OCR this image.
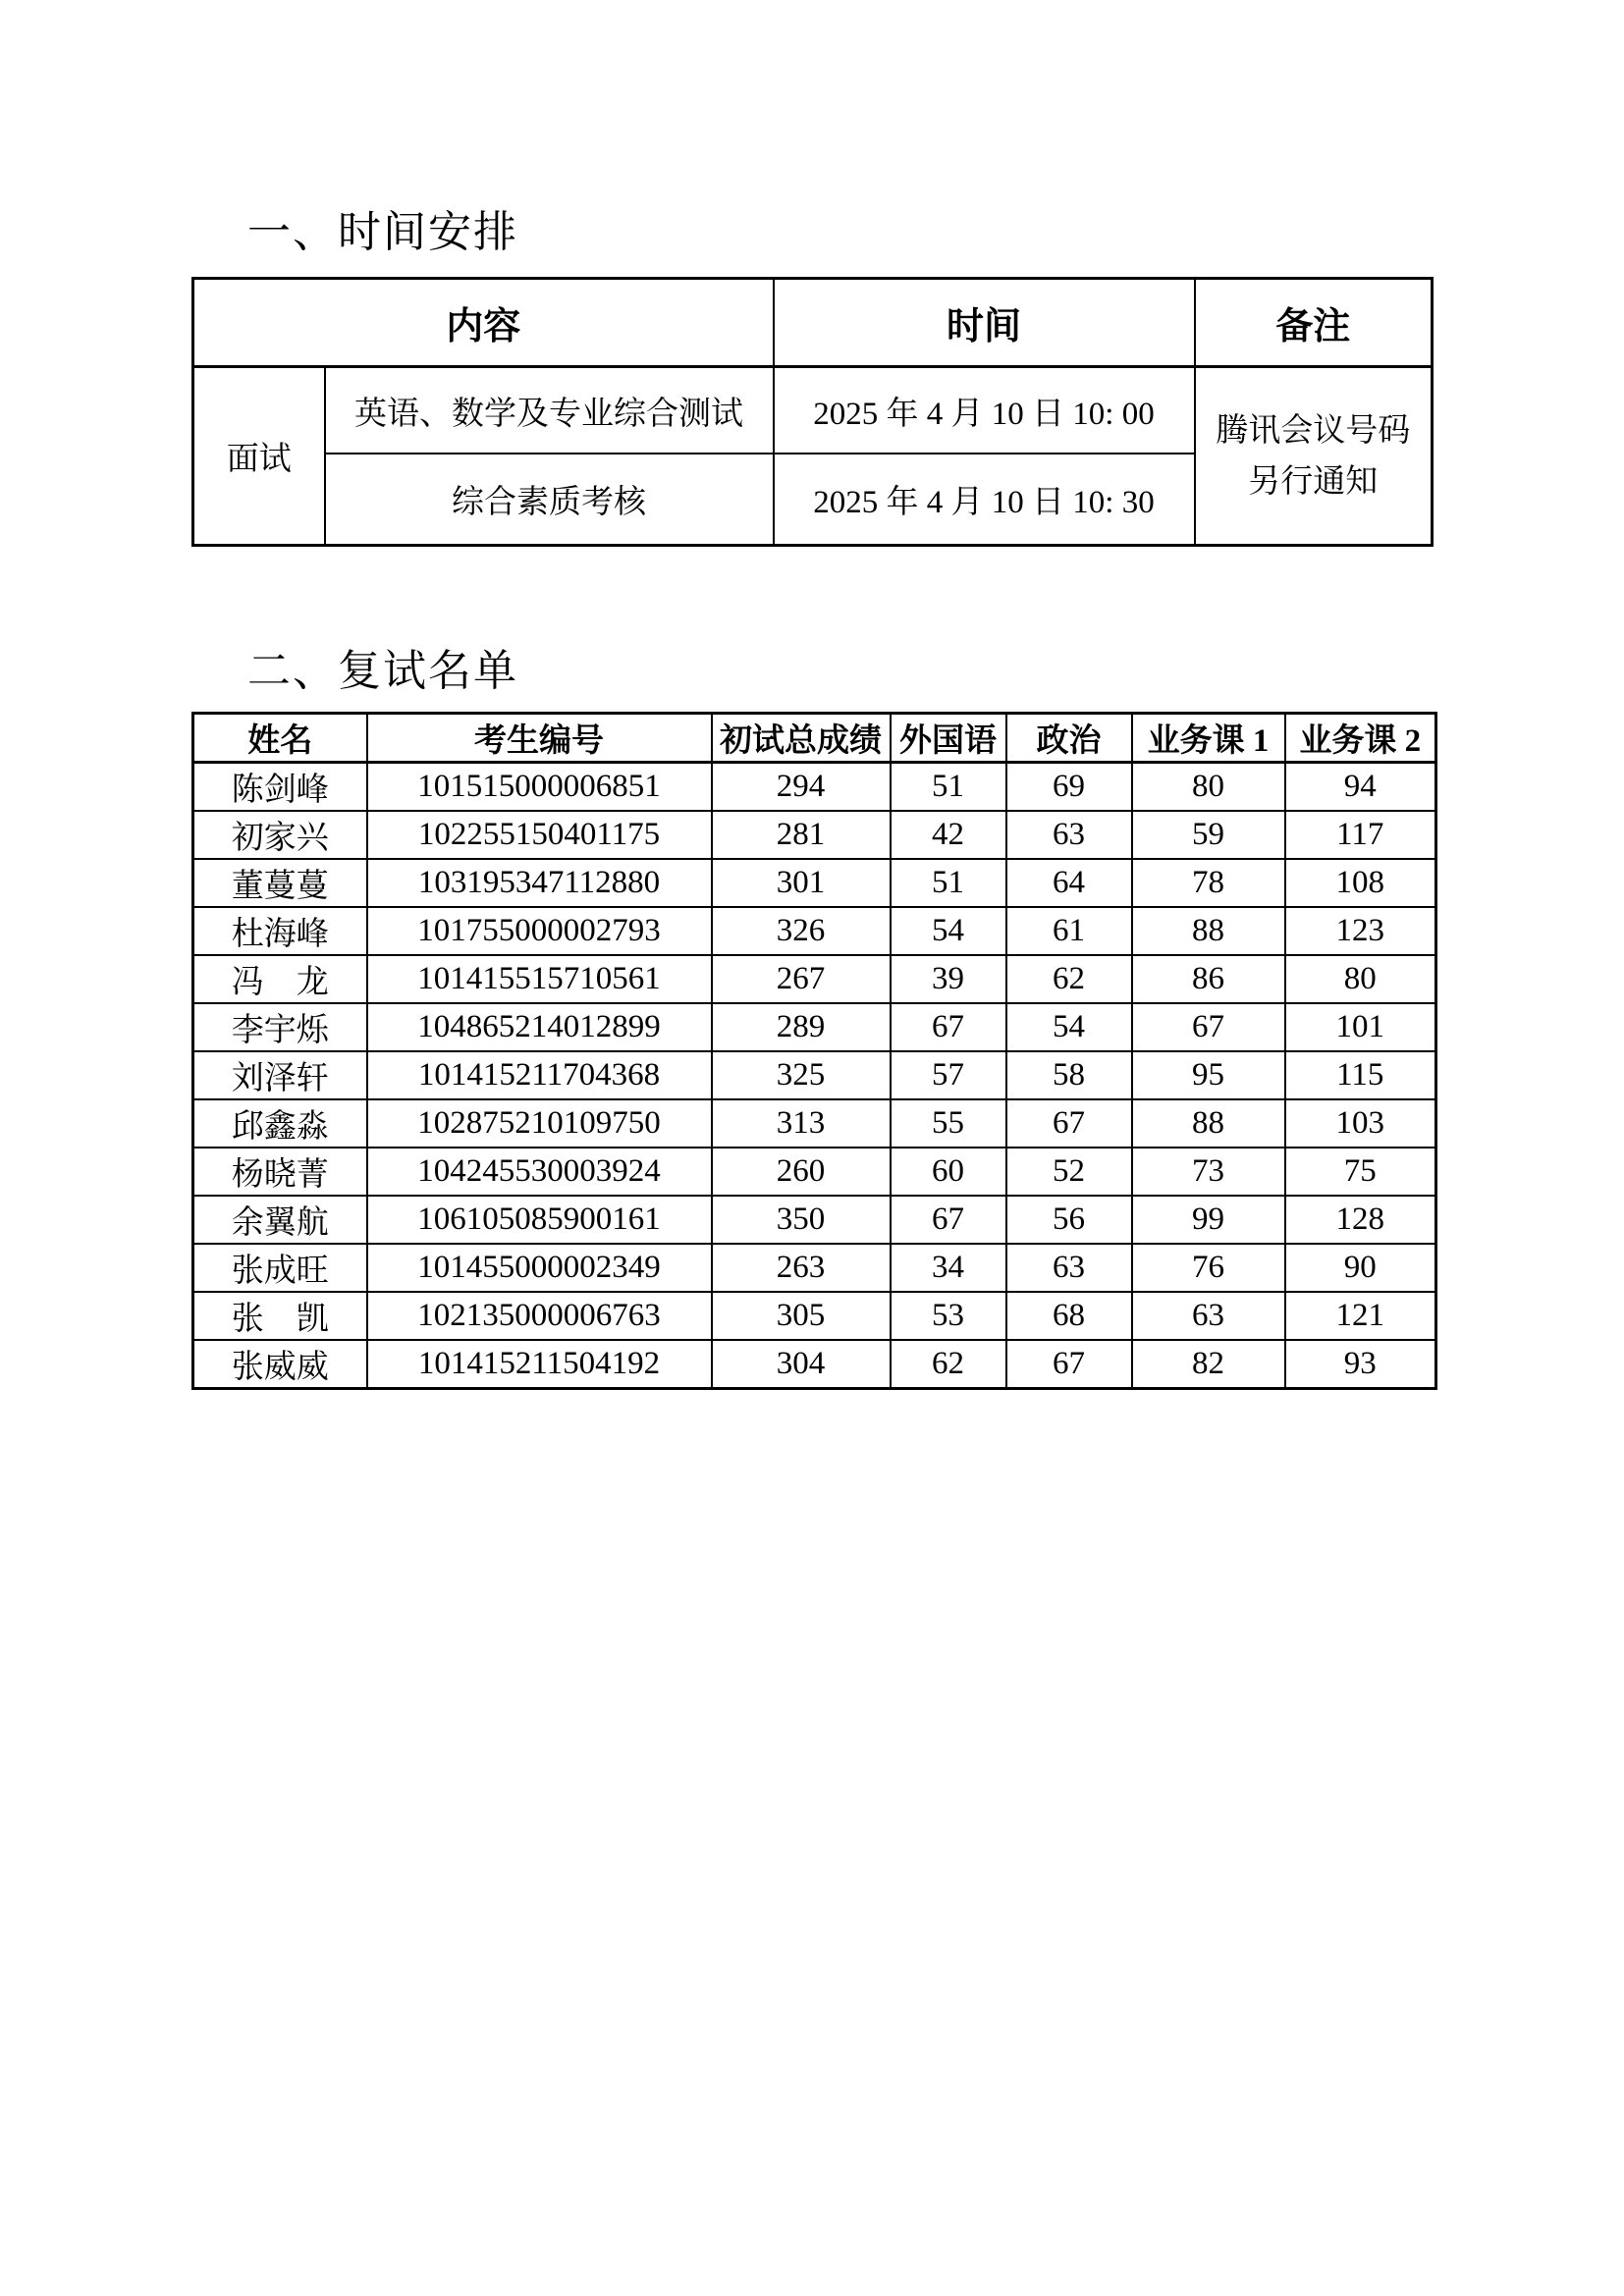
一、时间安排
内容		时间	备注
面试	英语、数学及专业综合测试	2025 年 4 月 10 日 10: 00	腾讯会议号码另行通知
	综合素质考核	2025 年 4 月 10 日 10: 30	
二、复试名单
姓名	考生编号	初试总成绩	外国语	政治	业务课 1	业务课 2
陈剑峰	101515000006851	294	51	69	80	94
初家兴	102255150401175	281	42	63	59	117
董蔓蔓	103195347112880	301	51	64	78	108
杜海峰	101755000002793	326	54	61	88	123
冯　龙	101415515710561	267	39	62	86	80
李宇烁	104865214012899	289	67	54	67	101
刘泽轩	101415211704368	325	57	58	95	115
邱鑫淼	102875210109750	313	55	67	88	103
杨晓菁	104245530003924	260	60	52	73	75
余翼航	106105085900161	350	67	56	99	128
张成旺	101455000002349	263	34	63	76	90
张　凯	102135000006763	305	53	68	63	121
张威威	101415211504192	304	62	67	82	93
